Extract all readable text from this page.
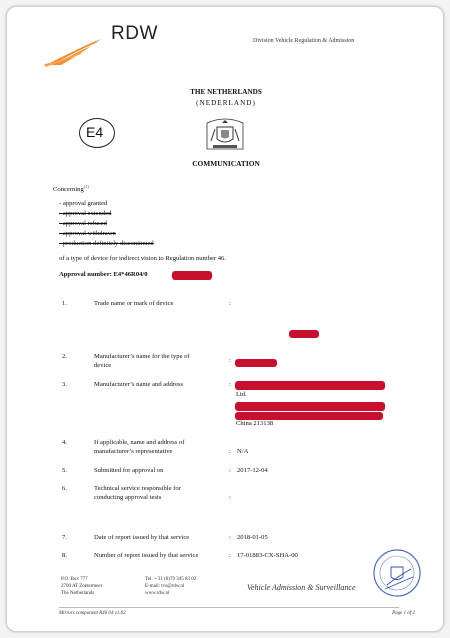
RDW	Division Vehicle Regulation & Admission
THE NETHERLANDS
(NEDERLAND)
E4
COMMUNICATION
Concerning$^{(1)}$
- approval granted
- approval extended
- approval refused
- approval withdrawn
- production definitely discontinued
of a type of device for indirect vision to Regulation number 46.
Approval number: E4*46R04/0
1.	Trade name or mark of device	:
2.	Manufacturer’s name for the type of
device
:
3.	Manufacturer’s name and address	:
Ltd.
China 213138
4.	If applicable, name and address of
manufacturer’s representative	: N/A
5.	Submitted for approval on	: 2017-12-04
6.	Technical service responsible for
conducting approval tests	:
7.	Date of report issued by that service	: 2018-01-05
8.	Number of report issued by that service	: 17-01883-CX-SHA-00
P.O. Box 777
2700 AT Zoetermeer
The Netherlands
Tel. + 31 (0)79 345 83 02
E-mail: tvs@rdw.nl
www.rdw.nl
Vehicle Admission & Surveillance
Mirrors component R46 04 v1.02	Page 1 of 2
